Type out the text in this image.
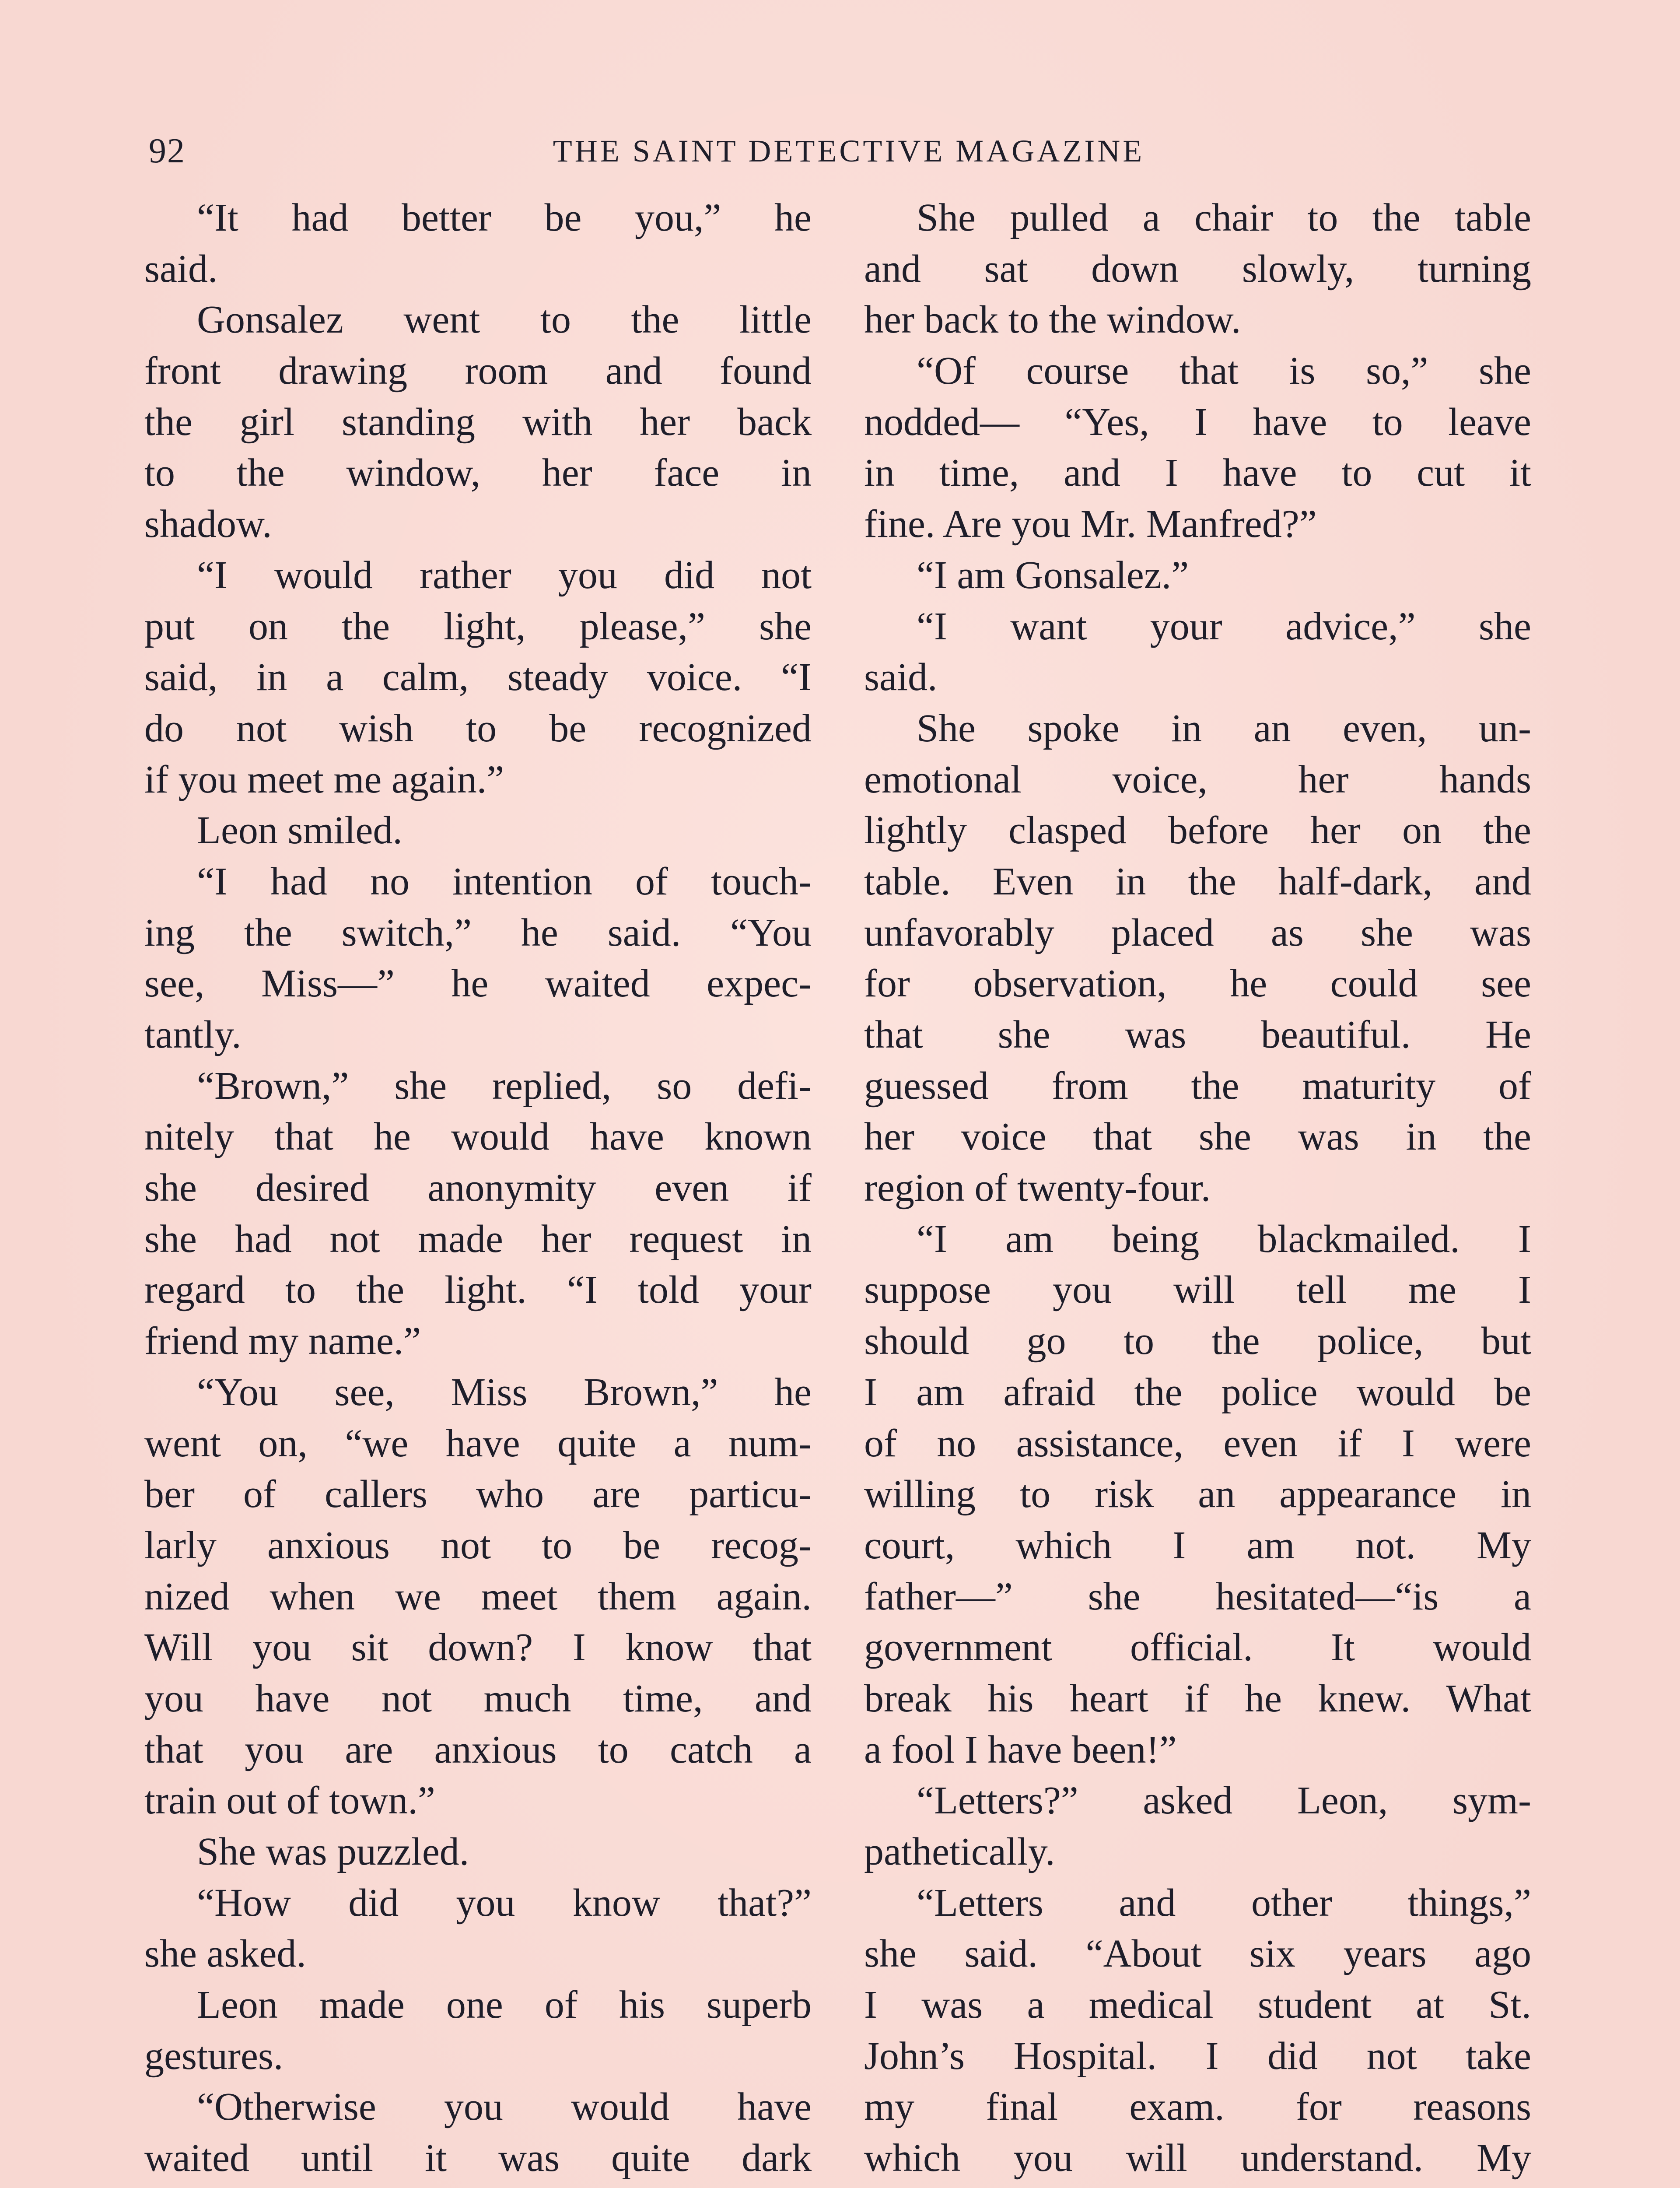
92	THE SAINT DETECTIVE MAGAZINE
“It had better be you,” he
said.
Gonsalez went to the little
front drawing room and found
the girl standing with her back
to the window, her face in
shadow.
“I would rather you did not
put on the light, please,” she
said, in a calm, steady voice. “I
do not wish to be recognized
if you meet me again.”
Leon smiled.
“I had no intention of touch-
ing the switch,” he said. “You
see, Miss—” he waited expec-
tantly.
“Brown,” she replied, so defi-
nitely that he would have known
she desired anonymity even if
she had not made her request in
regard to the light. “I told your
friend my name.”
“You see, Miss Brown,” he
went on, “we have quite a num-
ber of callers who are particu-
larly anxious not to be recog-
nized when we meet them again.
Will you sit down? I know that
you have not much time, and
that you are anxious to catch a
train out of town.”
She was puzzled.
“How did you know that?”
she asked.
Leon made one of his superb
gestures.
“Otherwise you would have
waited until it was quite dark
She pulled a chair to the table
and sat down slowly, turning
her back to the window.
“Of course that is so,” she
nodded— “Yes, I have to leave
in time, and I have to cut it
fine. Are you Mr. Manfred?”
“I am Gonsalez.”
“I want your advice,” she
said.
She spoke in an even, un-
emotional voice, her hands
lightly clasped before her on the
table. Even in the half-dark, and
unfavorably placed as she was
for observation, he could see
that she was beautiful. He
guessed from the maturity of
her voice that she was in the
region of twenty-four.
“I am being blackmailed. I
suppose you will tell me I
should go to the police, but
I am afraid the police would be
of no assistance, even if I were
willing to risk an appearance in
court, which I am not. My
father—” she hesitated—“is a
government official. It would
break his heart if he knew. What
a fool I have been!”
“Letters?” asked Leon, sym-
pathetically.
“Letters and other things,”
she said. “About six years ago
I was a medical student at St.
John’s Hospital. I did not take
my final exam. for reasons
which you will understand. My
